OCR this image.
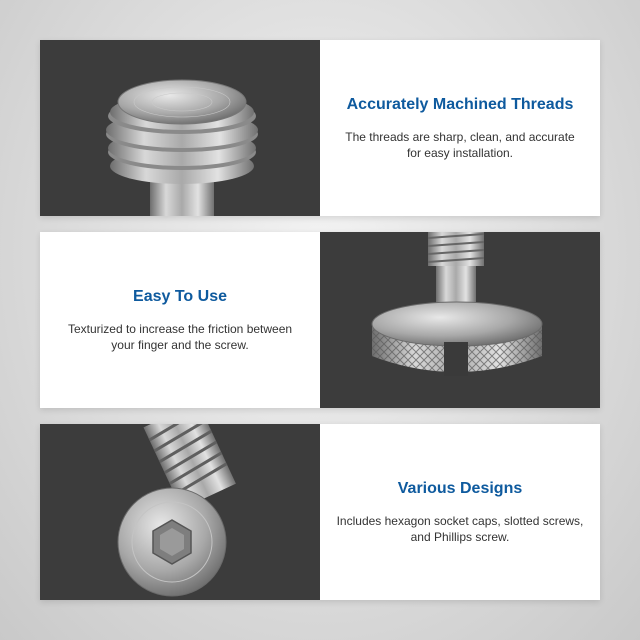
Accurately Machined Threads

The threads are sharp, clean, and accurate
for easy installation.

Easy To Use

Texturized to increase the friction between
your finger and the screw.

Various Designs

Includes hexagon socket caps, slotted screws,
and Phillips screw.
